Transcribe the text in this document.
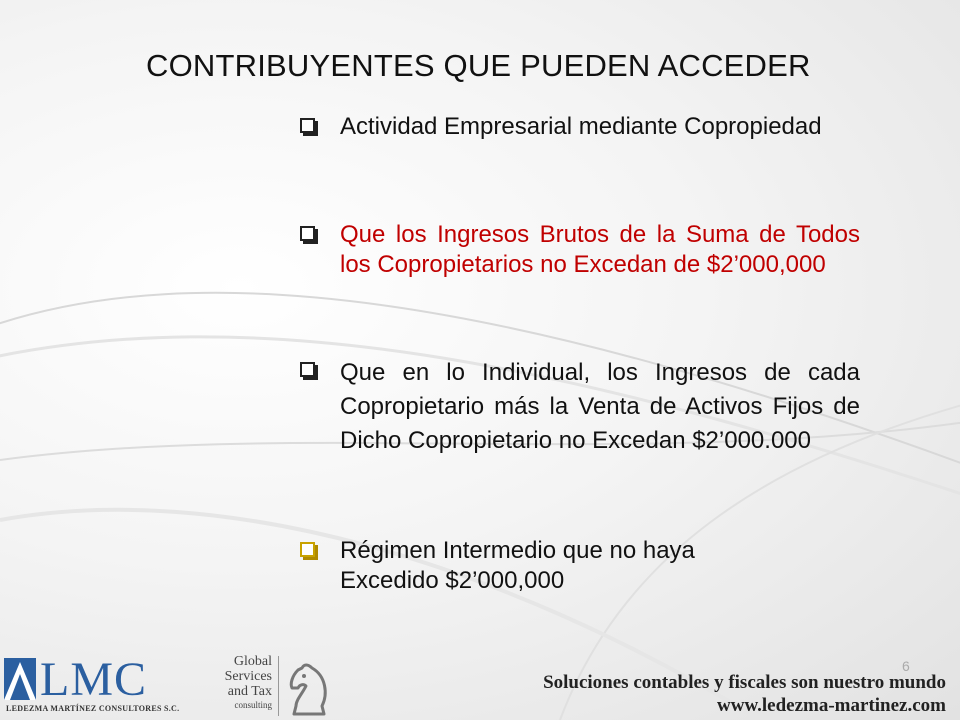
CONTRIBUYENTES QUE PUEDEN ACCEDER
Actividad Empresarial mediante Copropiedad
Que los Ingresos Brutos de la Suma de Todos los Copropietarios no Excedan de $2’000,000
Que en lo Individual, los Ingresos de cada Copropietario más la Venta de Activos Fijos de Dicho Copropietario no Excedan $2’000.000
Régimen Intermedio que no haya Excedido $2’000,000
LMC
LEDEZMA MARTÍNEZ CONSULTORES S.C.
Global Services
and Tax
consulting
6
Soluciones contables y fiscales son nuestro mundo
www.ledezma-martinez.com
